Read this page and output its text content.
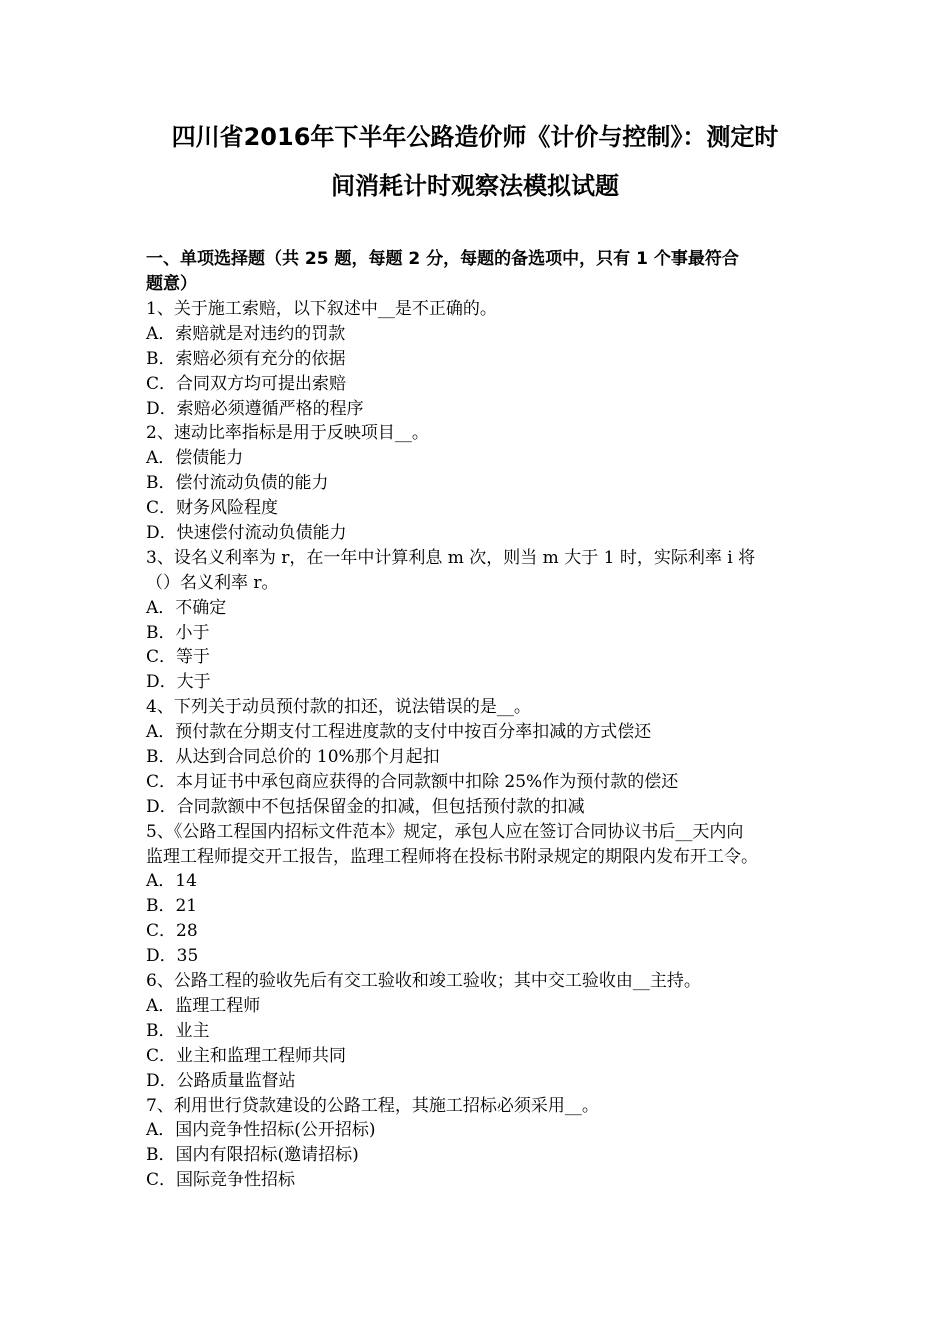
四川省2016年下半年公路造价师《计价与控制》：测定时
间消耗计时观察法模拟试题
一、单项选择题（共 25 题，每题 2 分，每题的备选项中，只有 1 个事最符合
题意）
1、关于施工索赔，以下叙述中__是不正确的。
A．索赔就是对违约的罚款
B．索赔必须有充分的依据
C．合同双方均可提出索赔
D．索赔必须遵循严格的程序
2、速动比率指标是用于反映项目__。
A．偿债能力
B．偿付流动负债的能力
C．财务风险程度
D．快速偿付流动负债能力
3、设名义利率为 r，在一年中计算利息 m 次，则当 m 大于 1 时，实际利率 i 将
（）名义利率 r。
A．不确定
B．小于
C．等于
D．大于
4、下列关于动员预付款的扣还，说法错误的是__。
A．预付款在分期支付工程进度款的支付中按百分率扣减的方式偿还
B．从达到合同总价的 10%那个月起扣
C．本月证书中承包商应获得的合同款额中扣除 25%作为预付款的偿还
D．合同款额中不包括保留金的扣减，但包括预付款的扣减
5、《公路工程国内招标文件范本》规定，承包人应在签订合同协议书后__天内向
监理工程师提交开工报告，监理工程师将在投标书附录规定的期限内发布开工令。
A．14
B．21
C．28
D．35
6、公路工程的验收先后有交工验收和竣工验收；其中交工验收由__主持。
A．监理工程师
B．业主
C．业主和监理工程师共同
D．公路质量监督站
7、利用世行贷款建设的公路工程，其施工招标必须采用__。
A．国内竞争性招标(公开招标)
B．国内有限招标(邀请招标)
C．国际竞争性招标
